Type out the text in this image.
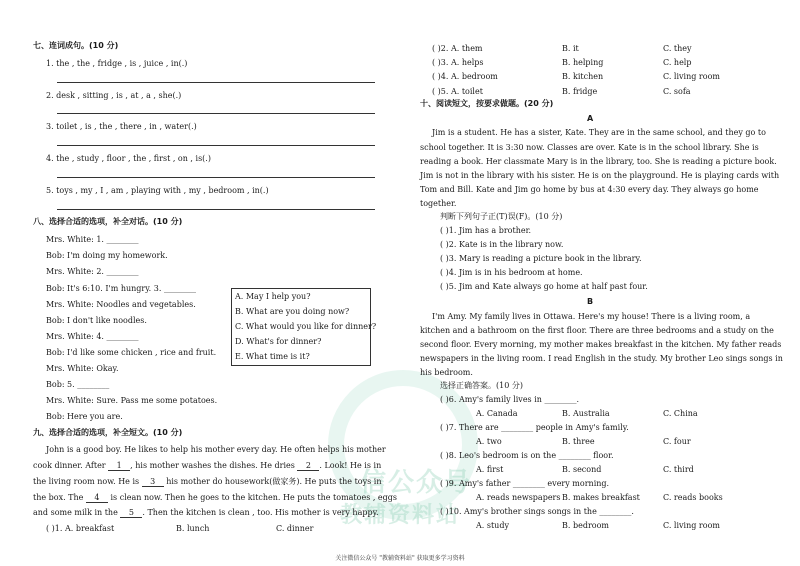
信公众号
教辅资料站
七、连词成句。(10 分)
1. the , the , fridge , is , juice , in(.)
2. desk , sitting , is , at , a , she(.)
3. toilet , is , the , there , in , water(.)
4. the , study , floor , the , first , on , is(.)
5. toys , my , I , am , playing with , my , bedroom , in(.)
八、选择合适的选项，补全对话。(10 分)
Mrs. White: 1. ________
Bob: I'm doing my homework.
Mrs. White: 2. ________
Bob: It's 6:10. I'm hungry. 3. ________
Mrs. White: Noodles and vegetables.
Bob: I don't like noodles.
Mrs. White: 4. ________
Bob: I'd like some chicken , rice and fruit.
Mrs. White: Okay.
Bob: 5. ________
Mrs. White: Sure. Pass me some potatoes.
Bob: Here you are.
A. May I help you?
B. What are you doing now?
C. What would you like for dinner?
D. What's for dinner?
E. What time is it?
九、选择合适的选项，补全短文。(10 分)
John is a good boy. He likes to help his mother every day. He often helps his mother
cook dinner. After 1 , his mother washes the dishes. He dries 2 . Look! He is in
the living room now. He is 3 his mother do housework(做家务). He puts the toys in
the box. The 4 is clean now. Then he goes to the kitchen. He puts the tomatoes , eggs
and some milk in the 5 . Then the kitchen is clean , too. His mother is very happy.
( )1. A. breakfast	B. lunch	C. dinner
( )2. A. them	B. it	C. they
( )3. A. helps	B. helping	C. help
( )4. A. bedroom	B. kitchen	C. living room
( )5. A. toilet	B. fridge	C. sofa
十、阅读短文，按要求做题。(20 分)
A
Jim is a student. He has a sister, Kate. They are in the same school, and they go to
school together. It is 3:30 now. Classes are over. Kate is in the school library. She is
reading a book. Her classmate Mary is in the library, too. She is reading a picture book.
Jim is not in the library with his sister. He is on the playground. He is playing cards with
Tom and Bill. Kate and Jim go home by bus at 4:30 every day. They always go home
together.
判断下列句子正(T)误(F)。(10 分)
( )1. Jim has a brother.
( )2. Kate is in the library now.
( )3. Mary is reading a picture book in the library.
( )4. Jim is in his bedroom at home.
( )5. Jim and Kate always go home at half past four.
B
I'm Amy. My family lives in Ottawa. Here's my house! There is a living room, a
kitchen and a bathroom on the first floor. There are three bedrooms and a study on the
second floor. Every morning, my mother makes breakfast in the kitchen. My father reads
newspapers in the living room. I read English in the study. My brother Leo sings songs in
his bedroom.
选择正确答案。(10 分)
( )6. Amy's family lives in ________.
A. Canada	B. Australia	C. China
( )7. There are ________ people in Amy's family.
A. two	B. three	C. four
( )8. Leo's bedroom is on the ________ floor.
A. first	B. second	C. third
( )9. Amy's father ________ every morning.
A. reads newspapers B. makes breakfast	C. reads books
( )10. Amy's brother sings songs in the ________.
A. study	B. bedroom	C. living room
关注微信公众号 "教辅资料站" 获取更多学习资料
